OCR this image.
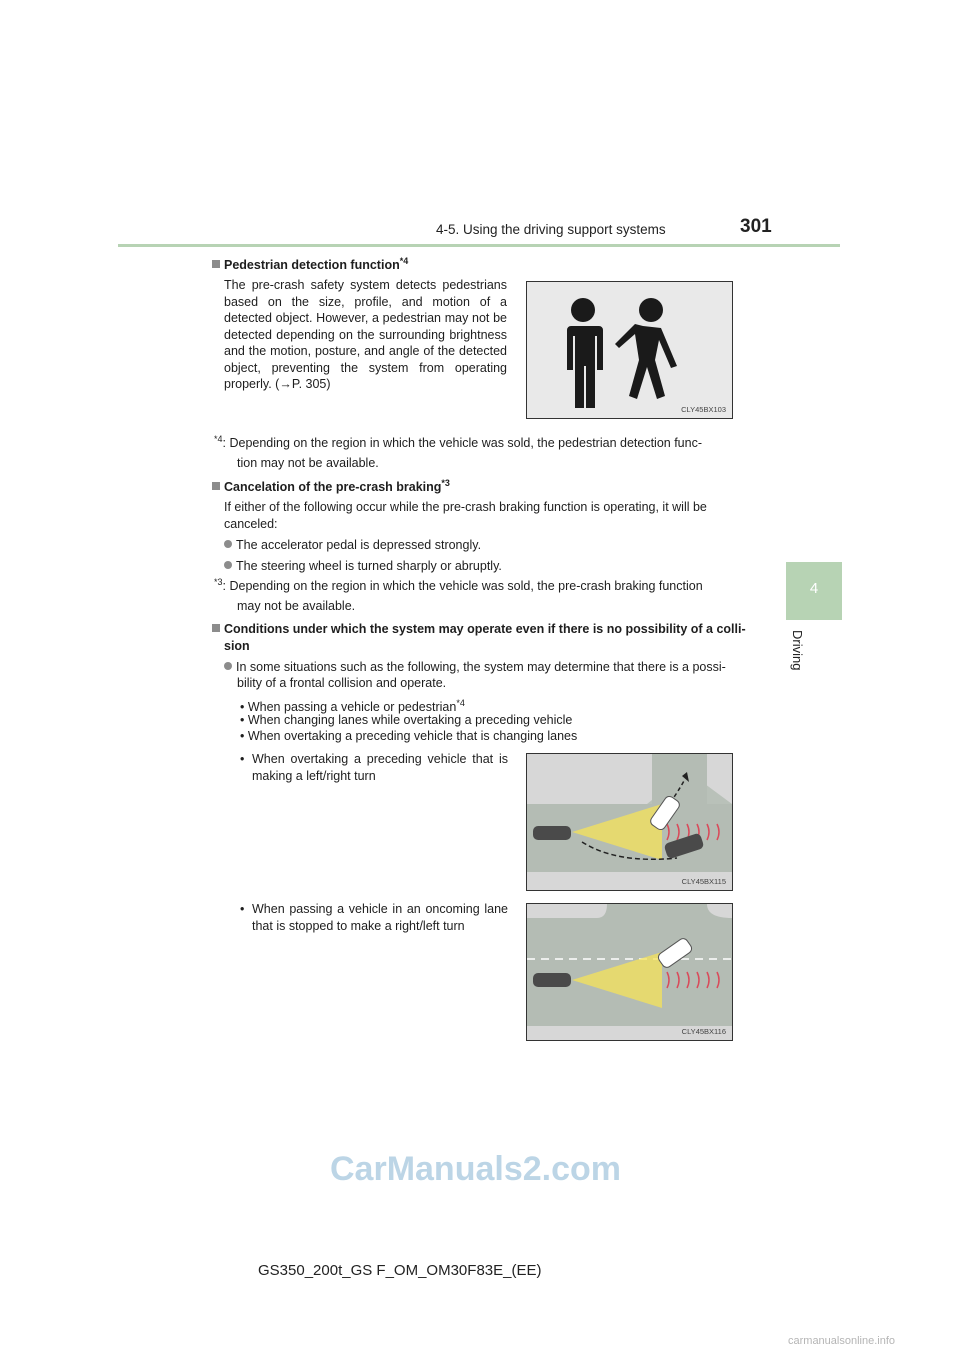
4-5. Using the driving support systems	301
4
Driving
Pedestrian detection function$^{*4}$
The pre-crash safety system detects pedestrians based on the size, profile, and motion of a detected object. However, a pedestrian may not be detected depending on the surrounding brightness and the motion, posture, and angle of the detected object, preventing the system from operating properly. (→P. 305)
CLY45BX103
$^{*4}$: Depending on the region in which the vehicle was sold, the pedestrian detection func-
tion may not be available.
Cancelation of the pre-crash braking$^{*3}$
If either of the following occur while the pre-crash braking function is operating, it will be canceled:
The accelerator pedal is depressed strongly.
The steering wheel is turned sharply or abruptly.
$^{*3}$: Depending on the region in which the vehicle was sold, the pre-crash braking function
may not be available.
Conditions under which the system may operate even if there is no possibility of a colli-
sion
In some situations such as the following, the system may determine that there is a possi-
bility of a frontal collision and operate.
• When passing a vehicle or pedestrian$^{*4}$
• When changing lanes while overtaking a preceding vehicle
• When overtaking a preceding vehicle that is changing lanes
• When overtaking a preceding vehicle that is making a left/right turn
CLY45BX115
• When passing a vehicle in an oncoming lane that is stopped to make a right/left turn
CLY45BX116
CarManuals2.com
GS350_200t_GS F_OM_OM30F83E_(EE)
carmanualsonline.info
